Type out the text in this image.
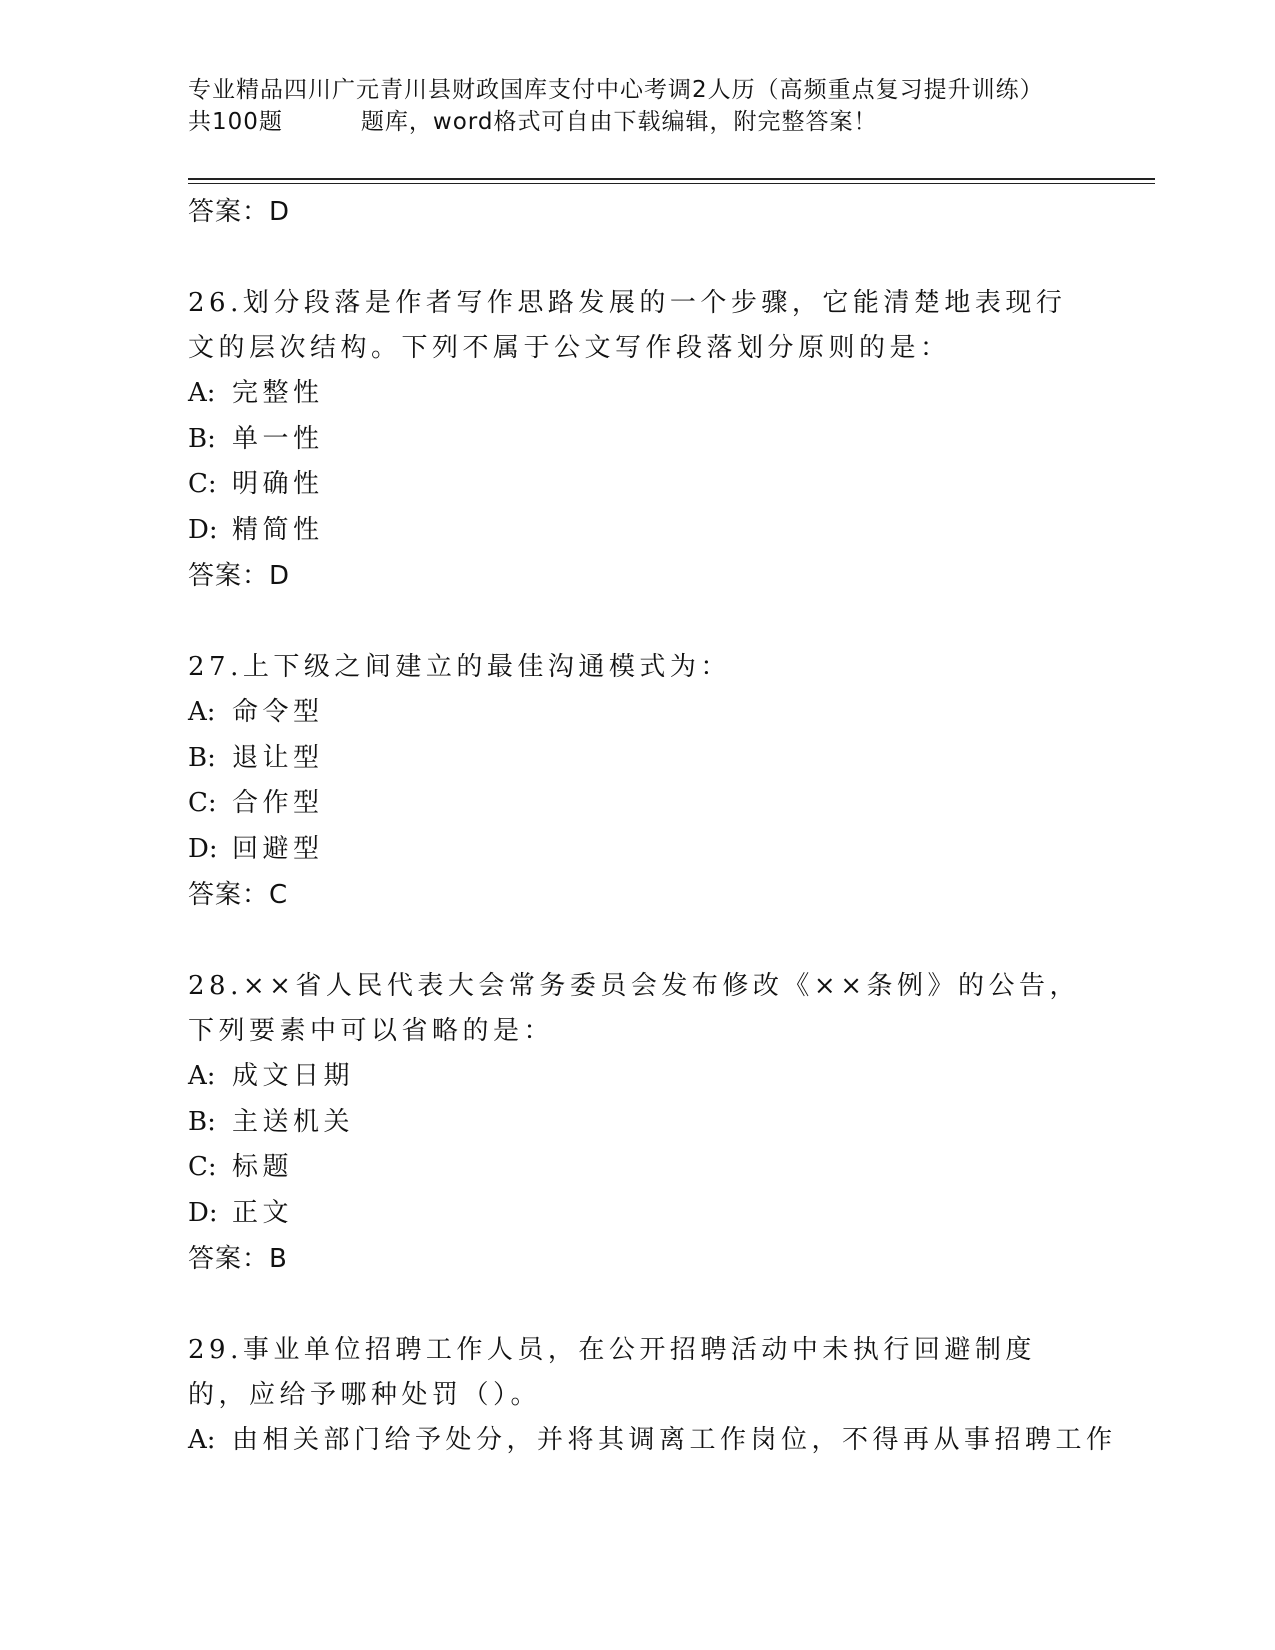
专业精品四川广元青川县财政国库支付中心考调2人历（高频重点复习提升训练）
共100题	题库，word格式可自由下载编辑，附完整答案！
答案：D
26.划分段落是作者写作思路发展的一个步骤，它能清楚地表现行文的层次结构。下列不属于公文写作段落划分原则的是：
A: 完整性
B: 单一性
C: 明确性
D: 精简性
答案：D
27.上下级之间建立的最佳沟通模式为：
A: 命令型
B: 退让型
C: 合作型
D: 回避型
答案：C
28.××省人民代表大会常务委员会发布修改《××条例》的公告，下列要素中可以省略的是：
A: 成文日期
B: 主送机关
C: 标题
D: 正文
答案：B
29.事业单位招聘工作人员，在公开招聘活动中未执行回避制度的，应给予哪种处罚（）。
A: 由相关部门给予处分，并将其调离工作岗位，不得再从事招聘工作
